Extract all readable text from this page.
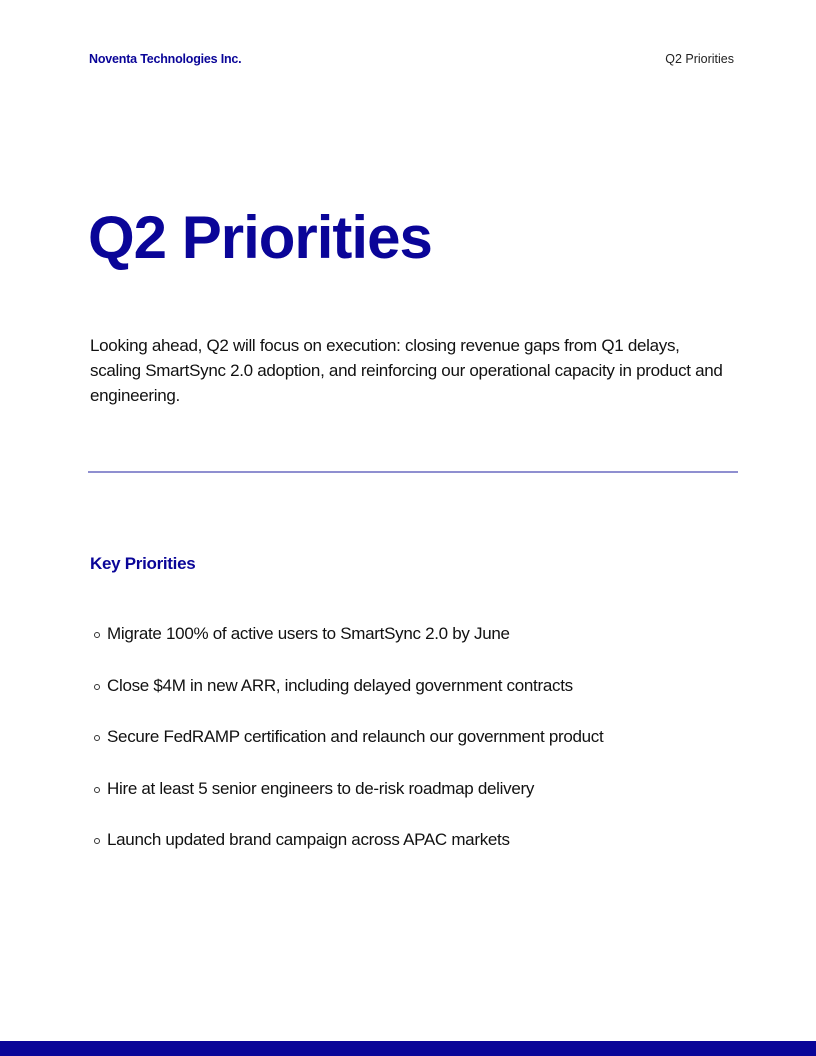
Noventa Technologies Inc.	Q2 Priorities
Q2 Priorities

Looking ahead, Q2 will focus on execution: closing revenue gaps from Q1 delays, scaling SmartSync 2.0 adoption, and reinforcing our operational capacity in product and engineering.

Key Priorities
Migrate 100% of active users to SmartSync 2.0 by June
Close $4M in new ARR, including delayed government contracts
Secure FedRAMP certification and relaunch our government product
Hire at least 5 senior engineers to de-risk roadmap delivery
Launch updated brand campaign across APAC markets
